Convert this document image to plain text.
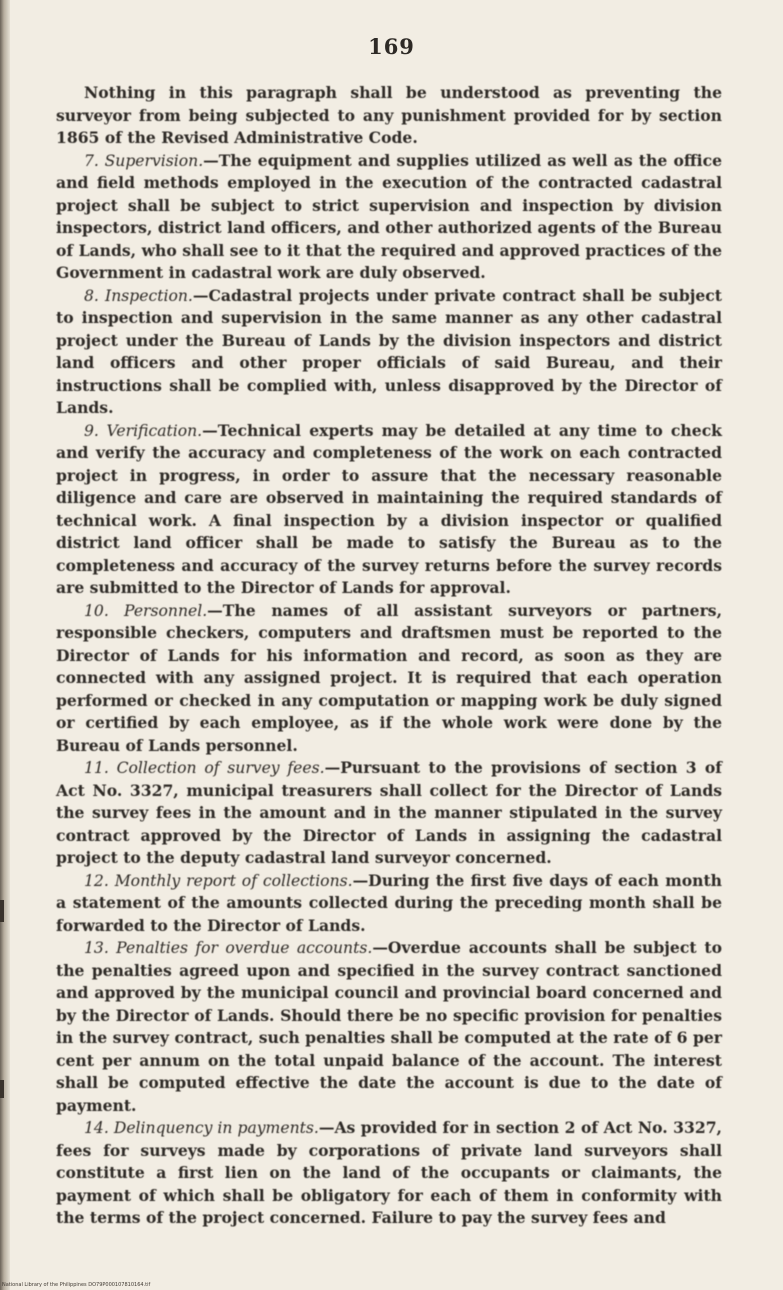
169

Nothing in this paragraph shall be understood as preventing the surveyor from being subjected to any punishment provided for by section 1865 of the Revised Administrative Code.

7. Supervision.—The equipment and supplies utilized as well as the office and field methods employed in the execution of the contracted cadastral project shall be subject to strict supervision and inspection by division inspectors, district land officers, and other authorized agents of the Bureau of Lands, who shall see to it that the required and approved practices of the Government in cadastral work are duly observed.

8. Inspection.—Cadastral projects under private contract shall be subject to inspection and supervision in the same manner as any other cadastral project under the Bureau of Lands by the division inspectors and district land officers and other proper officials of said Bureau, and their instructions shall be complied with, unless disapproved by the Director of Lands.

9. Verification.—Technical experts may be detailed at any time to check and verify the accuracy and completeness of the work on each contracted project in progress, in order to assure that the necessary reasonable diligence and care are observed in maintaining the required standards of technical work. A final inspection by a division inspector or qualified district land officer shall be made to satisfy the Bureau as to the completeness and accuracy of the survey returns before the survey records are submitted to the Director of Lands for approval.

10. Personnel.—The names of all assistant surveyors or partners, responsible checkers, computers and draftsmen must be reported to the Director of Lands for his information and record, as soon as they are connected with any assigned project. It is required that each operation performed or checked in any computation or mapping work be duly signed or certified by each employee, as if the whole work were done by the Bureau of Lands personnel.

11. Collection of survey fees.—Pursuant to the provisions of section 3 of Act No. 3327, municipal treasurers shall collect for the Director of Lands the survey fees in the amount and in the manner stipulated in the survey contract approved by the Director of Lands in assigning the cadastral project to the deputy cadastral land surveyor concerned.

12. Monthly report of collections.—During the first five days of each month a statement of the amounts collected during the preceding month shall be forwarded to the Director of Lands.

13. Penalties for overdue accounts.—Overdue accounts shall be subject to the penalties agreed upon and specified in the survey contract sanctioned and approved by the municipal council and provincial board concerned and by the Director of Lands. Should there be no specific provision for penalties in the survey contract, such penalties shall be computed at the rate of 6 per cent per annum on the total unpaid balance of the account. The interest shall be computed effective the date the account is due to the date of payment.

14. Delinquency in payments.—As provided for in section 2 of Act No. 3327, fees for surveys made by corporations of private land surveyors shall constitute a first lien on the land of the occupants or claimants, the payment of which shall be obligatory for each of them in conformity with the terms of the project concerned. Failure to pay the survey fees and

National Library of the Philippines DO79P000107810164.tif
